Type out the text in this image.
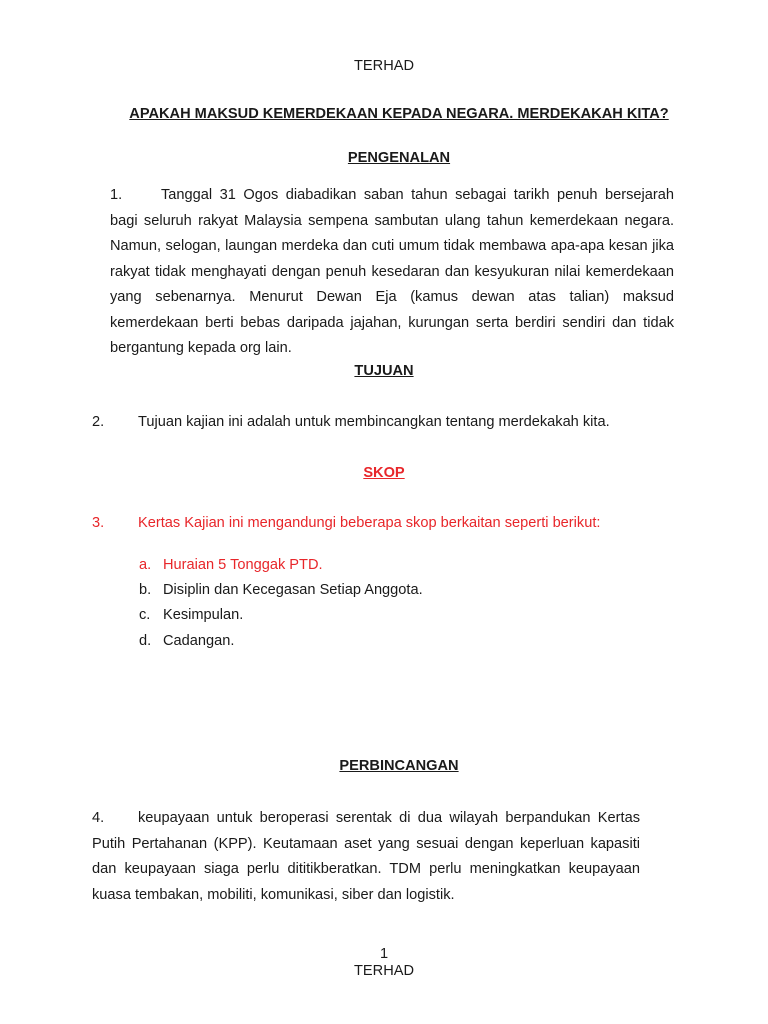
TERHAD
APAKAH MAKSUD KEMERDEKAAN KEPADA NEGARA. MERDEKAKAH KITA?
PENGENALAN
1.	Tanggal 31 Ogos diabadikan saban tahun sebagai tarikh penuh bersejarah bagi seluruh rakyat Malaysia sempena sambutan ulang tahun kemerdekaan negara. Namun, selogan, laungan merdeka dan cuti umum tidak membawa apa-apa kesan jika rakyat tidak menghayati dengan penuh kesedaran dan kesyukuran nilai kemerdekaan yang sebenarnya. Menurut Dewan Eja (kamus dewan atas talian) maksud kemerdekaan berti bebas daripada jajahan, kurungan serta berdiri sendiri dan tidak bergantung kepada org lain.
TUJUAN
2. Tujuan kajian ini adalah untuk membincangkan tentang merdekakah kita.
SKOP
3. Kertas Kajian ini mengandungi beberapa skop berkaitan seperti berikut:
a. Huraian 5 Tonggak PTD.
b. Disiplin dan Kecegasan Setiap Anggota.
c. Kesimpulan.
d. Cadangan.
PERBINCANGAN
4. keupayaan untuk beroperasi serentak di dua wilayah berpandukan Kertas Putih Pertahanan (KPP). Keutamaan aset yang sesuai dengan keperluan kapasiti dan keupayaan siaga perlu dititikberatkan. TDM perlu meningkatkan keupayaan kuasa tembakan, mobiliti, komunikasi, siber dan logistik.
1
TERHAD
